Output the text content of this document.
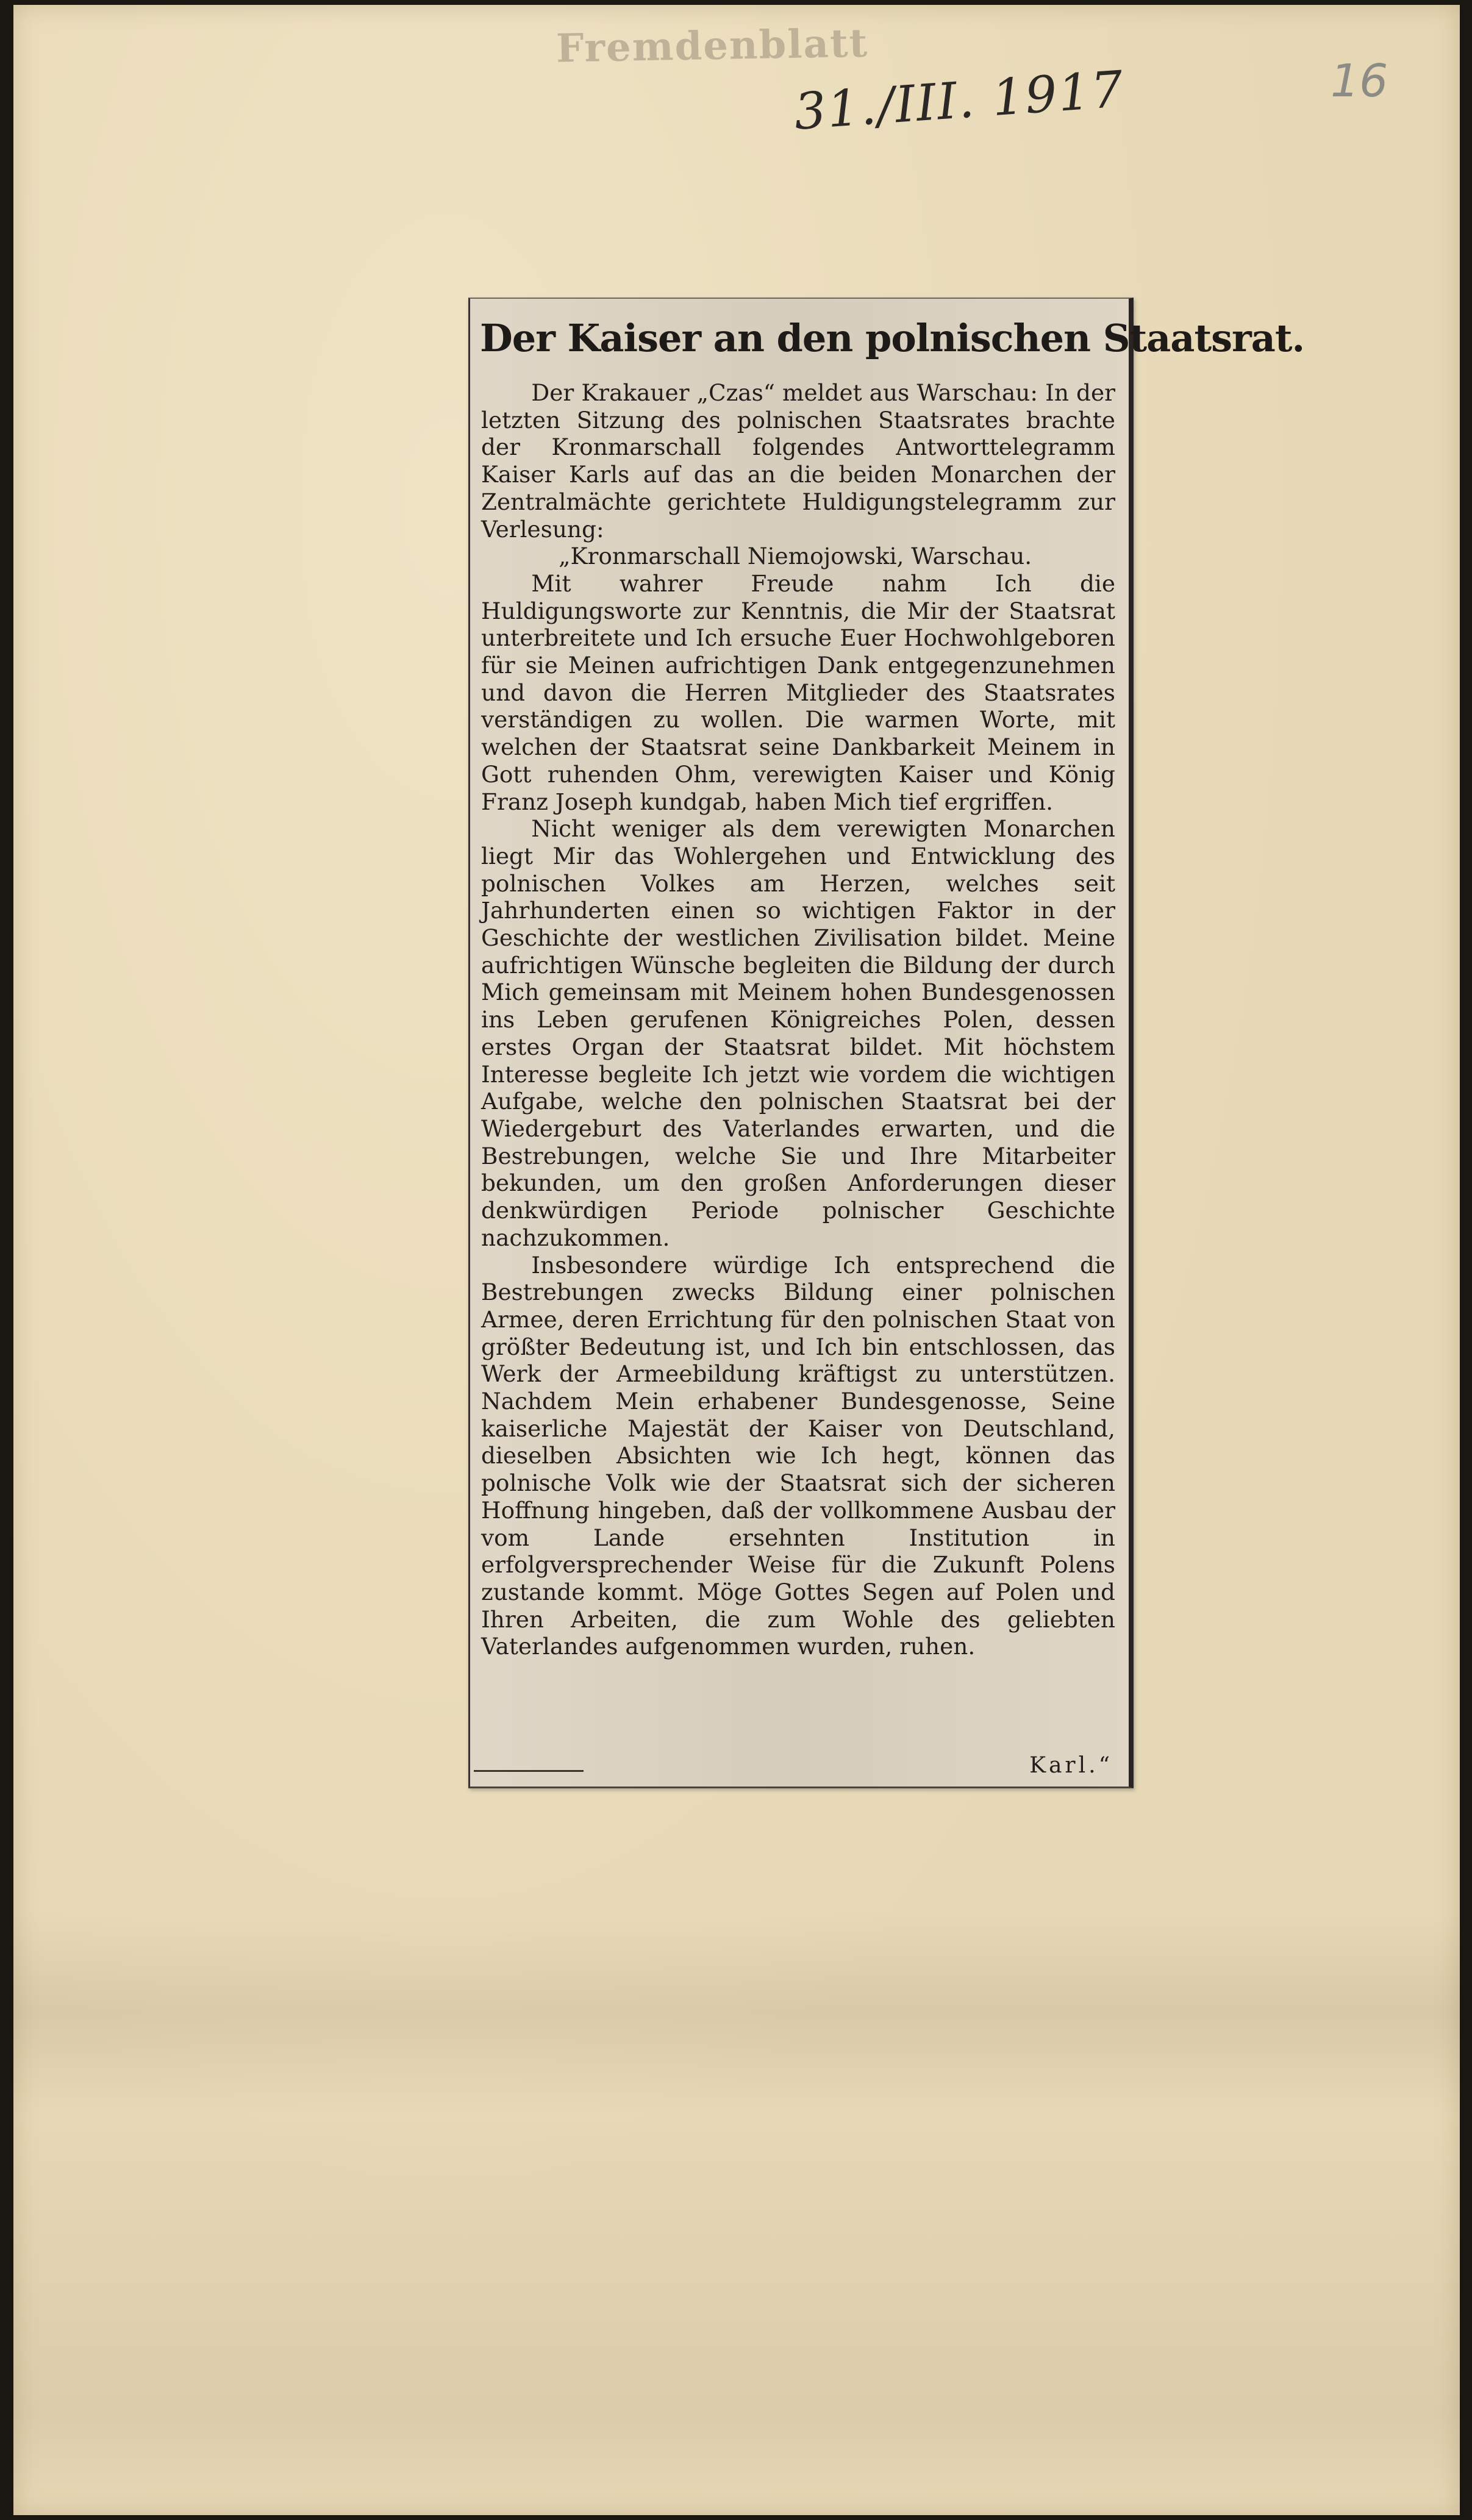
Fremdenblatt
31./III. 1917	16
Der Kaiser an den polnischen Staatsrat.

Der Krakauer „Czas“ meldet aus Warschau: In der letzten Sitzung des polnischen Staatsrates brachte der Kronmarschall folgendes Antworttelegramm Kaiser Karls auf das an die beiden Monarchen der Zentralmächte gerichtete Huldigungstelegramm zur Verlesung:

„Kronmarschall Niemojowski, Warschau.

Mit wahrer Freude nahm Ich die Huldigungsworte zur Kenntnis, die Mir der Staatsrat unterbreitete und Ich ersuche Euer Hochwohlgeboren für sie Meinen aufrichtigen Dank entgegenzunehmen und davon die Herren Mitglieder des Staatsrates verständigen zu wollen. Die warmen Worte, mit welchen der Staatsrat seine Dankbarkeit Meinem in Gott ruhenden Ohm, verewigten Kaiser und König Franz Joseph kundgab, haben Mich tief ergriffen.

Nicht weniger als dem verewigten Monarchen liegt Mir das Wohlergehen und Entwicklung des polnischen Volkes am Herzen, welches seit Jahrhunderten einen so wichtigen Faktor in der Geschichte der westlichen Zivilisation bildet. Meine aufrichtigen Wünsche begleiten die Bildung der durch Mich gemeinsam mit Meinem hohen Bundesgenossen ins Leben gerufenen Königreiches Polen, dessen erstes Organ der Staatsrat bildet. Mit höchstem Interesse begleite Ich jetzt wie vordem die wichtigen Aufgabe, welche den polnischen Staatsrat bei der Wiedergeburt des Vaterlandes erwarten, und die Bestrebungen, welche Sie und Ihre Mitarbeiter bekunden, um den großen Anforderungen dieser denkwürdigen Periode polnischer Geschichte nachzukommen.

Insbesondere würdige Ich entsprechend die Bestrebungen zwecks Bildung einer polnischen Armee, deren Errichtung für den polnischen Staat von größter Bedeutung ist, und Ich bin entschlossen, das Werk der Armeebildung kräftigst zu unterstützen. Nachdem Mein erhabener Bundesgenosse, Seine kaiserliche Majestät der Kaiser von Deutschland, dieselben Absichten wie Ich hegt, können das polnische Volk wie der Staatsrat sich der sicheren Hoffnung hingeben, daß der vollkommene Ausbau der vom Lande ersehnten Institution in erfolgversprechender Weise für die Zukunft Polens zustande kommt. Möge Gottes Segen auf Polen und Ihren Arbeiten, die zum Wohle des geliebten Vaterlandes aufgenommen wurden, ruhen.

Karl.“
